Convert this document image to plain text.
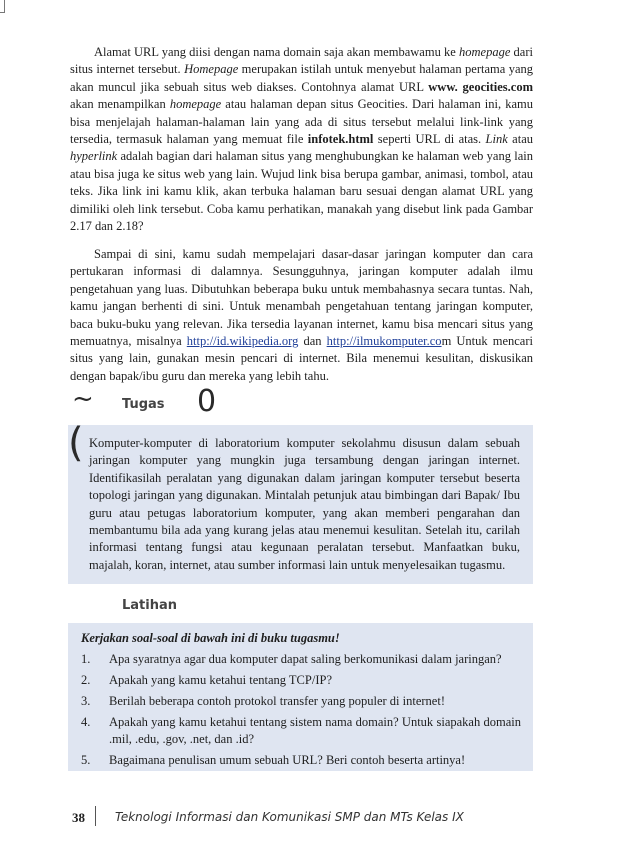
Alamat URL yang diisi dengan nama domain saja akan membawamu ke homepage dari situs internet tersebut. Homepage merupakan istilah untuk menyebut halaman pertama yang akan muncul jika sebuah situs web diakses. Contohnya alamat URL www. geocities.com akan menampilkan homepage atau halaman depan situs Geocities. Dari halaman ini, kamu bisa menjelajah halaman-halaman lain yang ada di situs tersebut melalui link-link yang tersedia, termasuk halaman yang memuat file infotek.html seperti URL di atas. Link atau hyperlink adalah bagian dari halaman situs yang menghubungkan ke halaman web yang lain atau bisa juga ke situs web yang lain. Wujud link bisa berupa gambar, animasi, tombol, atau teks. Jika link ini kamu klik, akan terbuka halaman baru sesuai dengan alamat URL yang dimiliki oleh link tersebut. Coba kamu perhatikan, manakah yang disebut link pada Gambar 2.17 dan 2.18?

Sampai di sini, kamu sudah mempelajari dasar-dasar jaringan komputer dan cara pertukaran informasi di dalamnya. Sesungguhnya, jaringan komputer adalah ilmu pengetahuan yang luas. Dibutuhkan beberapa buku untuk membahasnya secara tuntas. Nah, kamu jangan berhenti di sini. Untuk menambah pengetahuan tentang jaringan komputer, baca buku-buku yang relevan. Jika tersedia layanan internet, kamu bisa mencari situs yang memuatnya, misalnya http://id.wikipedia.org dan http://ilmukomputer.com Untuk mencari situs yang lain, gunakan mesin pencari di internet. Bila menemui kesulitan, diskusikan dengan bapak/ibu guru dan mereka yang lebih tahu.

~ Tugas 0

Komputer-komputer di laboratorium komputer sekolahmu disusun dalam sebuah jaringan komputer yang mungkin juga tersambung dengan jaringan internet. Identifikasilah peralatan yang digunakan dalam jaringan komputer tersebut beserta topologi jaringan yang digunakan. Mintalah petunjuk atau bimbingan dari Bapak/ Ibu guru atau petugas laboratorium komputer, yang akan memberi pengarahan dan membantumu bila ada yang kurang jelas atau menemui kesulitan. Setelah itu, carilah informasi tentang fungsi atau kegunaan peralatan tersebut. Manfaatkan buku, majalah, koran, internet, atau sumber informasi lain untuk menyelesaikan tugasmu.

(
Latihan

Kerjakan soal-soal di bawah ini di buku tugasmu!

1.	Apa syaratnya agar dua komputer dapat saling berkomunikasi dalam jaringan?
2.	Apakah yang kamu ketahui tentang TCP/IP?
3.	Berilah beberapa contoh protokol transfer yang populer di internet!
4.	Apakah yang kamu ketahui tentang sistem nama domain? Untuk siapakah domain .mil, .edu, .gov, .net, dan .id?
5.	Bagaimana penulisan umum sebuah URL? Beri contoh beserta artinya!
38	Teknologi Informasi dan Komunikasi SMP dan MTs Kelas IX
